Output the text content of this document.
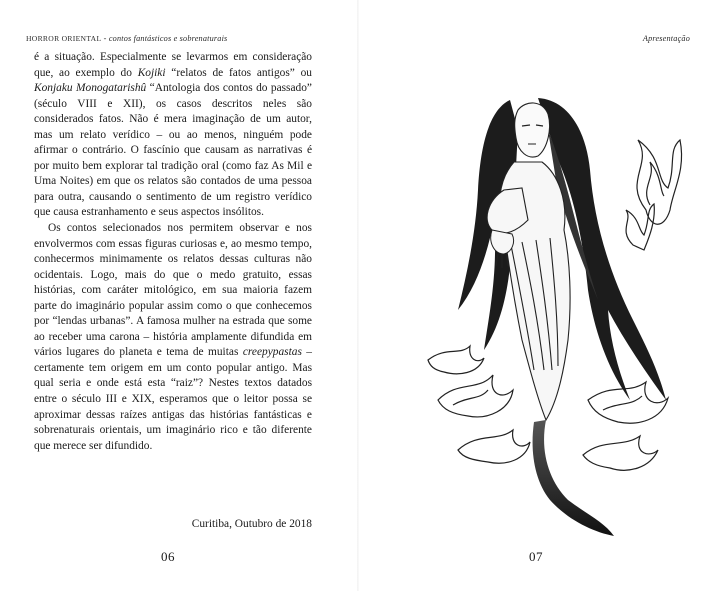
HORROR ORIENTAL - contos fantásticos e sobrenaturais

é a situação. Especialmente se levarmos em consideração que, ao exemplo do Kojiki “relatos de fatos antigos” ou Konjaku Monogatarishû “Antologia dos contos do passado” (século VIII e XII), os casos descritos neles são considerados fatos. Não é mera imaginação de um autor, mas um relato verídico – ou ao menos, ninguém pode afirmar o contrário. O fascínio que causam as narrativas é por muito bem explorar tal tradição oral (como faz As Mil e Uma Noites) em que os relatos são contados de uma pessoa para outra, causando o sentimento de um registro verídico que causa estranhamento e seus aspectos insólitos.

Os contos selecionados nos permitem observar e nos envolvermos com essas figuras curiosas e, ao mesmo tempo, conhecermos minimamente os relatos dessas culturas não ocidentais. Logo, mais do que o medo gratuito, essas histórias, com caráter mitológico, em sua maioria fazem parte do imaginário popular assim como o que conhecemos por “lendas urbanas”. A famosa mulher na estrada que some ao receber uma carona – história amplamente difundida em vários lugares do planeta e tema de muitas creepypastas – certamente tem origem em um conto popular antigo. Mas qual seria e onde está esta “raiz”? Nestes textos datados entre o século III e XIX, esperamos que o leitor possa se aproximar dessas raízes antigas das histórias fantásticas e sobrenaturais orientais, um imaginário rico e tão diferente que merece ser difundido.

Curitiba, Outubro de 2018
06
Apresentação
07
